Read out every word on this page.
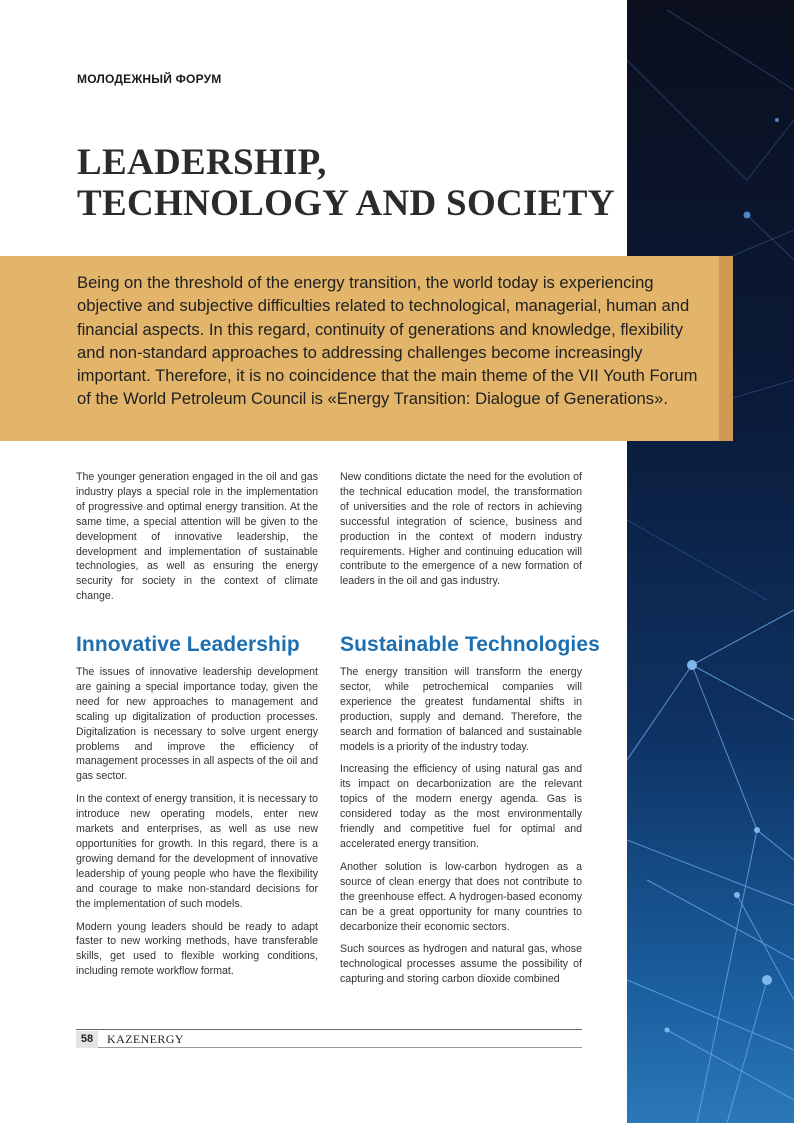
МОЛОДЕЖНЫЙ ФОРУМ
LEADERSHIP,
TECHNOLOGY AND SOCIETY

Being on the threshold of the energy transition, the world today is experiencing objective and subjective difficulties related to technological, managerial, human and financial aspects. In this regard, continuity of generations and knowledge, flexibility and non-standard approaches to addressing challenges become increasingly important. Therefore, it is no coincidence that the main theme of the VII Youth Forum of the World Petroleum Council is «Energy Transition: Dialogue of Generations».

The younger generation engaged in the oil and gas industry plays a special role in the implementation of progressive and optimal energy transition. At the same time, a special attention will be given to the development of innovative leadership, the development and implementation of sustainable technologies, as well as ensuring the energy security for society in the context of climate change.

New conditions dictate the need for the evolution of the technical education model, the transformation of universities and the role of rectors in achieving successful integration of science, business and production in the context of modern industry requirements. Higher and continuing education will contribute to the emergence of a new formation of leaders in the oil and gas industry.

Innovative Leadership Sustainable Technologies

The issues of innovative leadership development are gaining a special importance today, given the need for new approaches to management and scaling up digitalization of production processes. Digitalization is necessary to solve urgent energy problems and improve the efficiency of management processes in all aspects of the oil and gas sector.

In the context of energy transition, it is necessary to introduce new operating models, enter new markets and enterprises, as well as use new opportunities for growth. In this regard, there is a growing demand for the development of innovative leadership of young people who have the flexibility and courage to make non-standard decisions for the implementation of such models.

Modern young leaders should be ready to adapt faster to new working methods, have transferable skills, get used to flexible working conditions, including remote workflow format.

The energy transition will transform the energy sector, while petrochemical companies will experience the greatest fundamental shifts in production, supply and demand. Therefore, the search and formation of balanced and sustainable models is a priority of the industry today.

Increasing the efficiency of using natural gas and its impact on decarbonization are the relevant topics of the modern energy agenda. Gas is considered today as the most environmentally friendly and competitive fuel for optimal and accelerated energy transition.

Another solution is low-carbon hydrogen as a source of clean energy that does not contribute to the greenhouse effect. A hydrogen-based economy can be a great opportunity for many countries to decarbonize their economic sectors.

Such sources as hydrogen and natural gas, whose technological processes assume the possibility of capturing and storing carbon dioxide combined

58	KAZENERGY
